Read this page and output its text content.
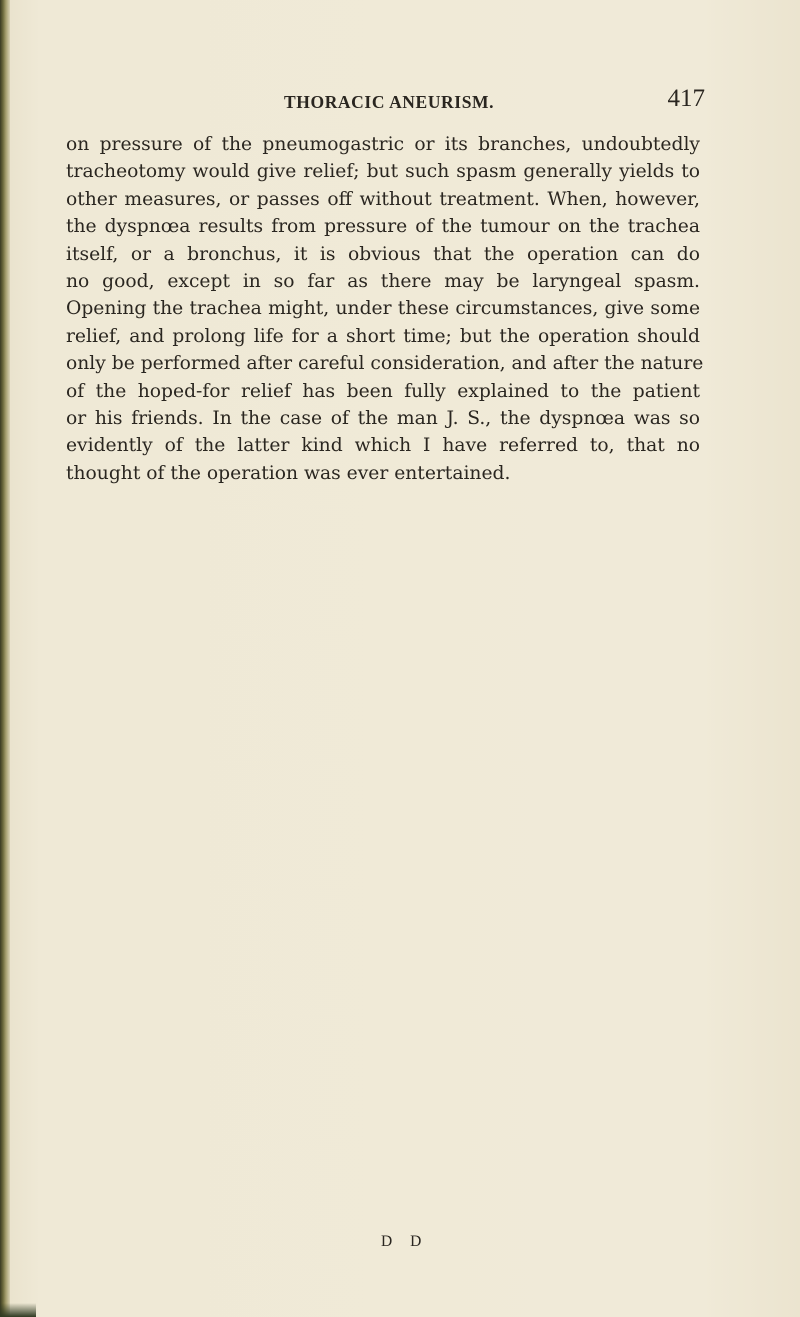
THORACIC ANEURISM.	417

on pressure of the pneumogastric or its branches, undoubtedly
tracheotomy would give relief; but such spasm generally yields to
other measures, or passes off without treatment. When, however,
the dyspnœa results from pressure of the tumour on the trachea
itself, or a bronchus, it is obvious that the operation can do
no good, except in so far as there may be laryngeal spasm.
Opening the trachea might, under these circumstances, give some
relief, and prolong life for a short time; but the operation should
only be performed after careful consideration, and after the nature
of the hoped-for relief has been fully explained to the patient
or his friends. In the case of the man J. S., the dyspnœa was so
evidently of the latter kind which I have referred to, that no
thought of the operation was ever entertained.

D D
